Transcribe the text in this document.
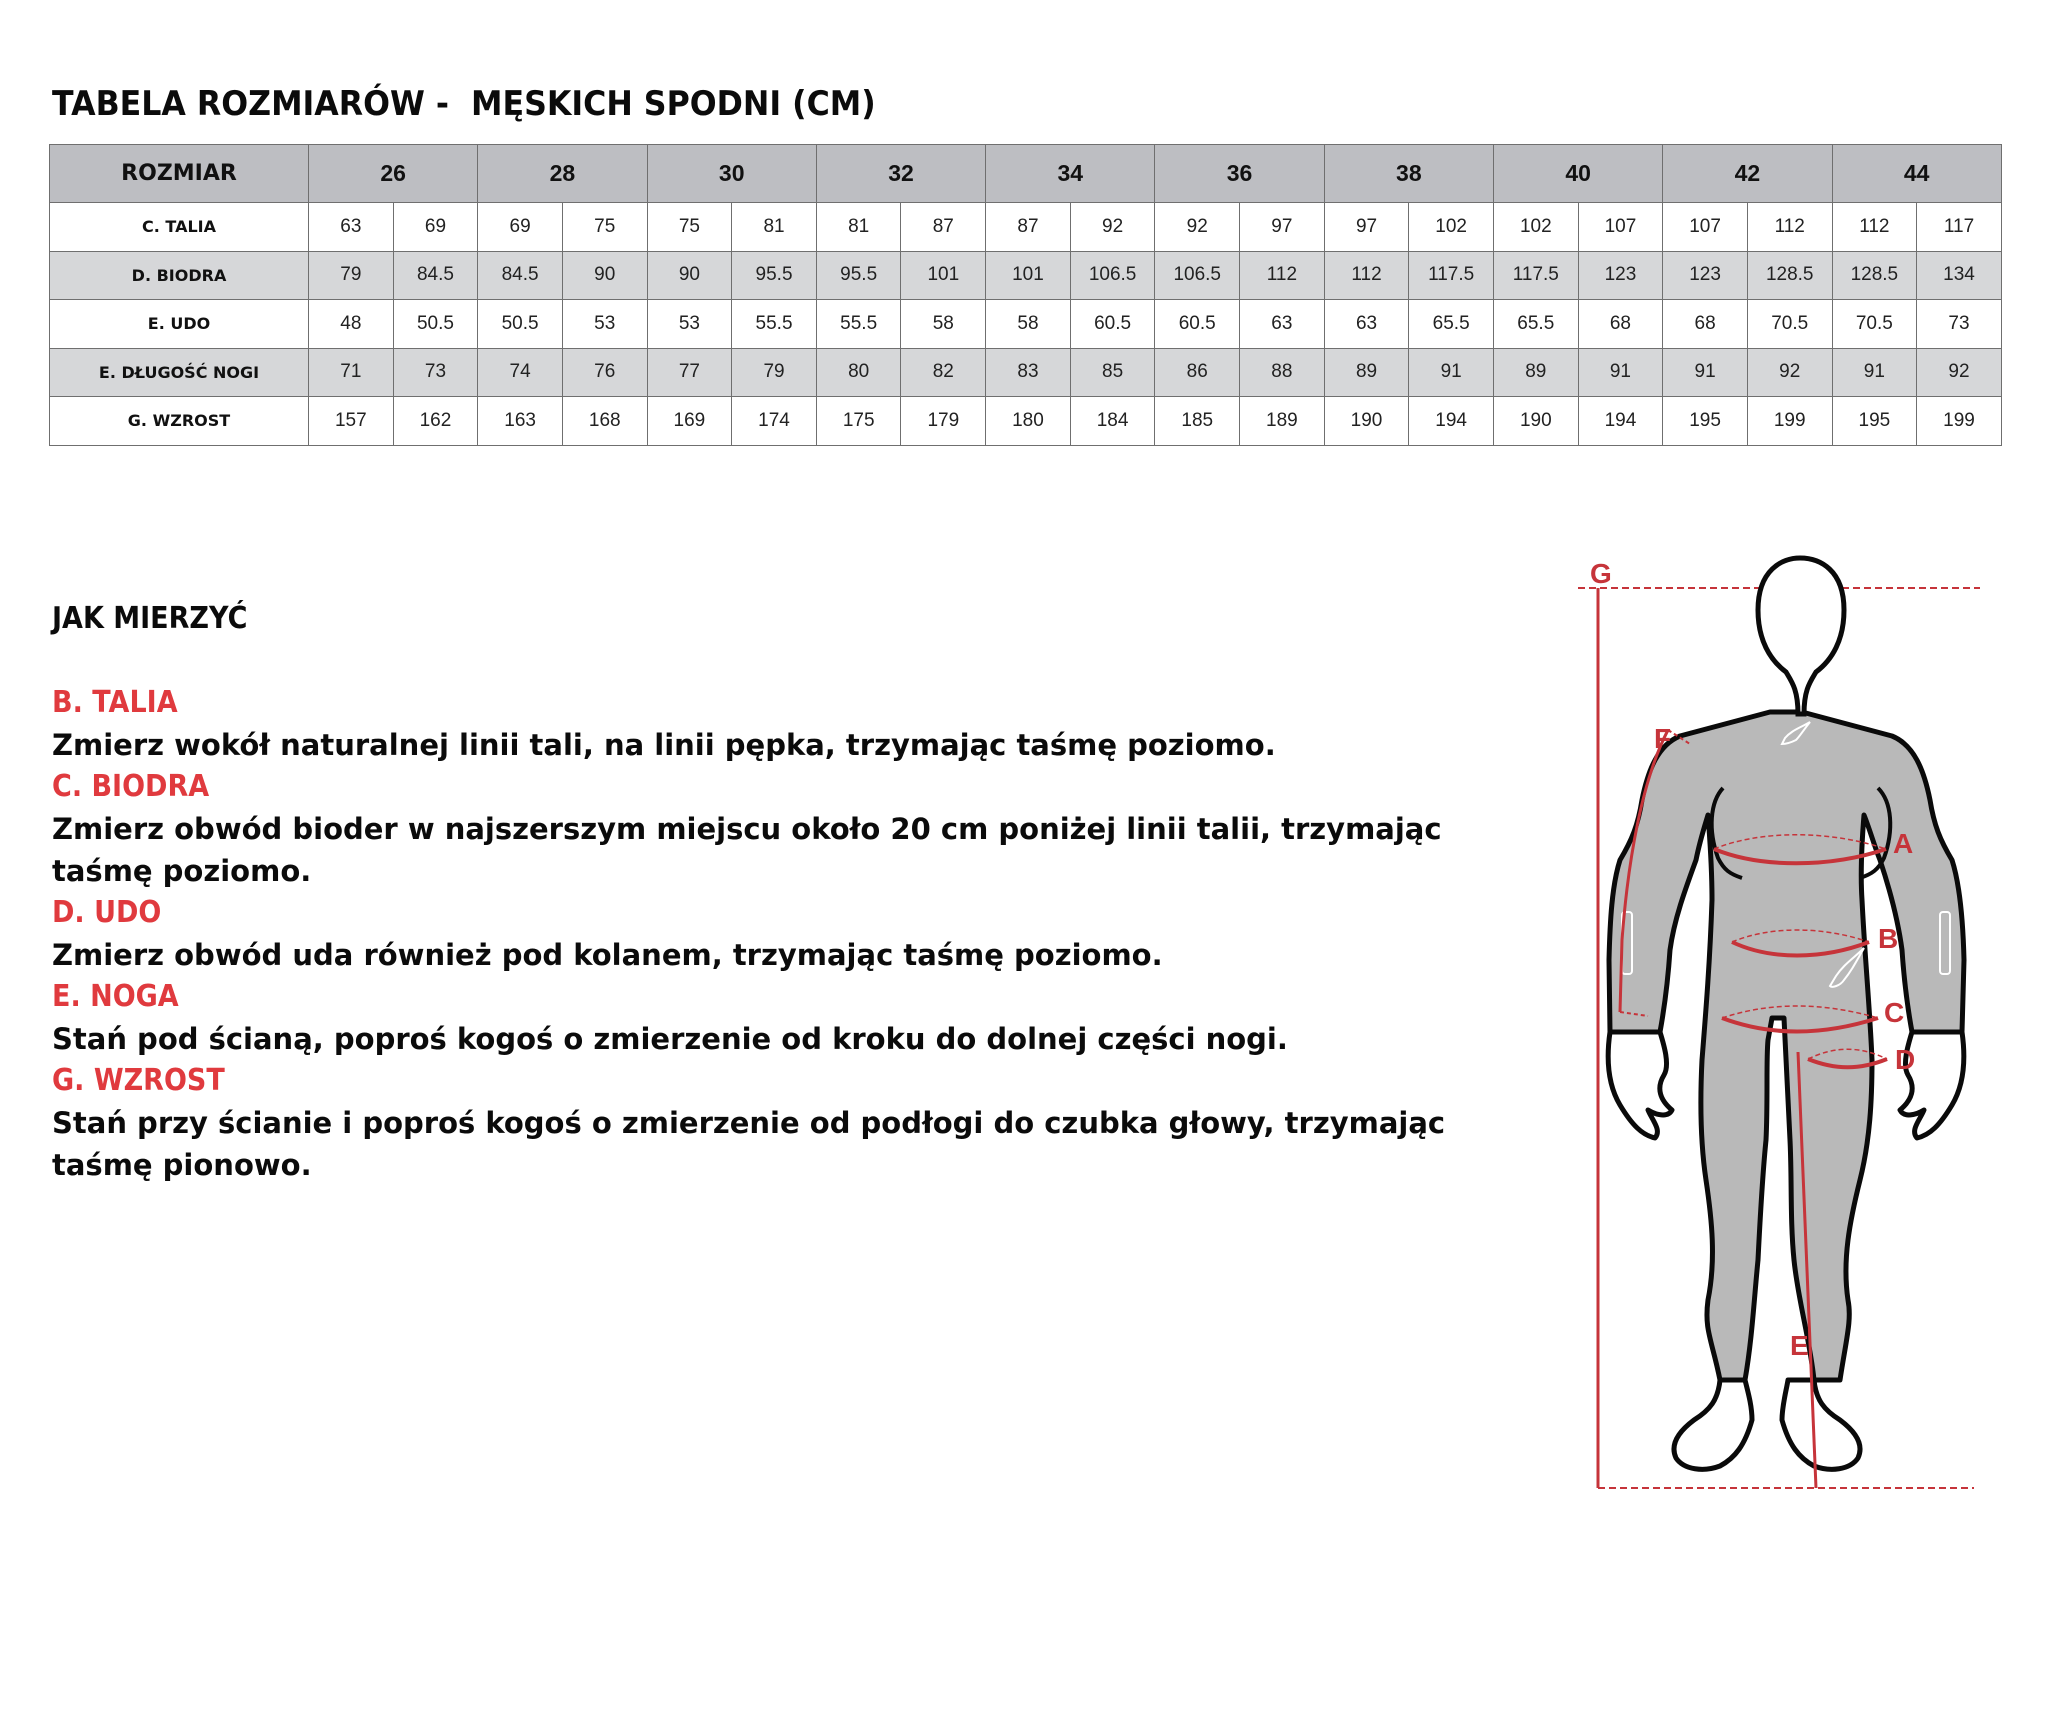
TABELA ROZMIARÓW -  MĘSKICH SPODNI (CM)
ROZMIAR	26		28		30		32		34		36		38		40		42		44	
C. TALIA	63	69	69	75	75	81	81	87	87	92	92	97	97	102	102	107	107	112	112	117
D. BIODRA	79	84.5	84.5	90	90	95.5	95.5	101	101	106.5	106.5	112	112	117.5	117.5	123	123	128.5	128.5	134
E. UDO	48	50.5	50.5	53	53	55.5	55.5	58	58	60.5	60.5	63	63	65.5	65.5	68	68	70.5	70.5	73
E. DŁUGOŚĆ NOGI	71	73	74	76	77	79	80	82	83	85	86	88	89	91	89	91	91	92	91	92
G. WZROST	157	162	163	168	169	174	175	179	180	184	185	189	190	194	190	194	195	199	195	199
JAK MIERZYĆ
B. TALIA
Zmierz wokół naturalnej linii tali, na linii pępka, trzymając taśmę poziomo.
C. BIODRA
Zmierz obwód bioder w najszerszym miejscu około 20 cm poniżej linii talii, trzymając taśmę poziomo.
D. UDO
Zmierz obwód uda również pod kolanem, trzymając taśmę poziomo.
E. NOGA
Stań pod ścianą, poproś kogoś o zmierzenie od kroku do dolnej części nogi.
G. WZROST
Stań przy ścianie i poproś kogoś o zmierzenie od podłogi do czubka głowy, trzymając taśmę pionowo.
G
F
A
B
C
D
E
